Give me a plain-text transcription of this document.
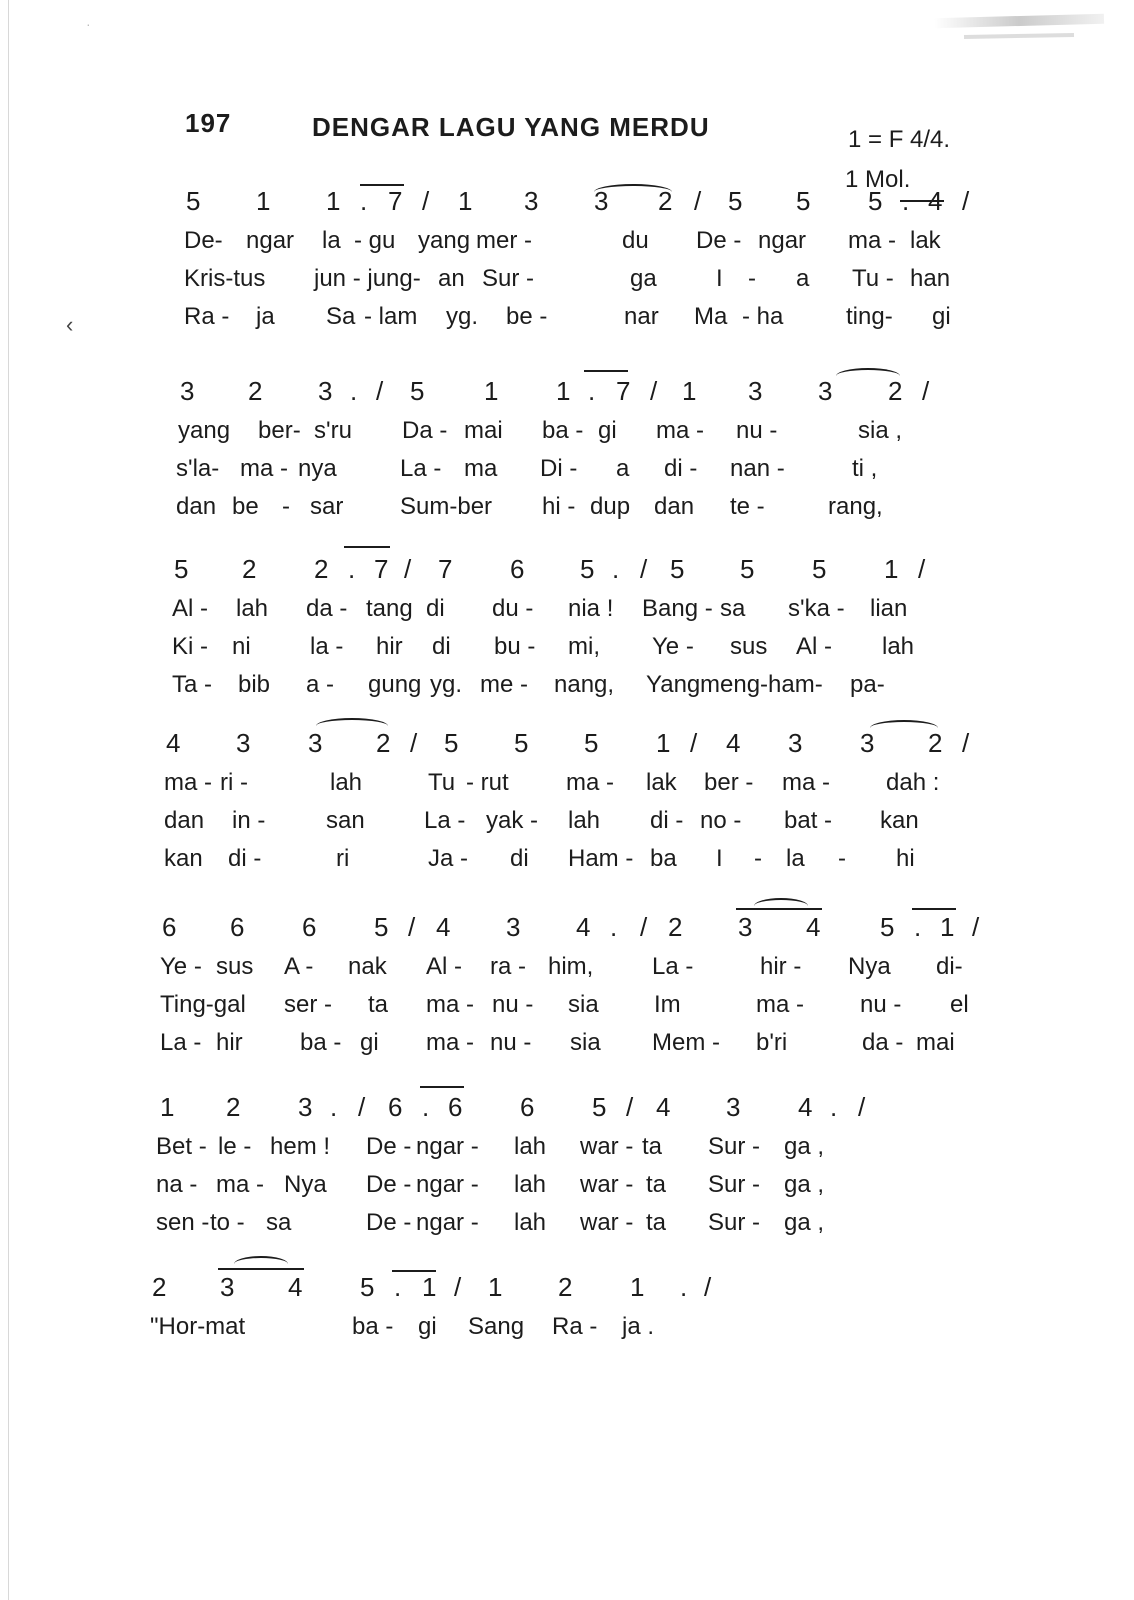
·
‹
197	DENGAR LAGU YANG MERDU	1 = F 4/4.
1 Mol.
5 1 1 . 7 / 1 3 3 2 / 5 5 5	/
De- ngar la - gu yang mer -	du De - ngar ma - lak
Kris-tus jun - jung- an Sur -	ga I - a Tu - han
Ra - ja Sa - lam yg. be -	nar Ma - ha	ting- gi
3 2 3 . / 5 1 1 . 7 / 1 3 3 2 /
yang ber- s'ru Da - mai ba - gi ma - nu -	sia ,
s'la- ma - nya	La - ma Di - a di - nan -	ti ,
dan be - sar Sum-ber hi - dup dan te -	rang,
5 2 2 . 7 / 7 6 5 . / 5 5 5 1 /
Al - lah da - tang di du - nia ! Bang - sa s'ka - lian
Ki - ni la - hir di bu - mi, Ye - sus Al - lah
Ta - bib a - gung yg. me - nang, Yang meng-ham- pa-
4 3 3 2 / 5 5 5 1 / 4 3 3 2 /
ma - ri -	lah	Tu - rut ma - lak ber - ma - dah :
dan in -	san La - yak - lah di - no - bat - kan
kan di -	ri	Ja - di Ham - ba I - la - hi
6 6 6 5 / 4 3 4 . / 2 3 4 5 . 1 /
Ye - sus A - nak Al - ra - him, La -	hir - Nya di-
Ting-gal ser - ta ma - nu - sia Im	ma - nu - el
La - hir ba - gi ma - nu - sia Mem - b'ri	da - mai
1 2 3 . / 6 . 6 6 5 / 4 3 4 . /
Bet - le - hem ! De - ngar - lah war - ta Sur - ga ,
na - ma - Nya De - ngar - lah war - ta Sur - ga ,
sen - to - sa	De - ngar - lah war - ta Sur - ga ,
2 3 4 5 . 1 / 1 2 1 . /
"Hor-mat	ba - gi Sang Ra - ja .
